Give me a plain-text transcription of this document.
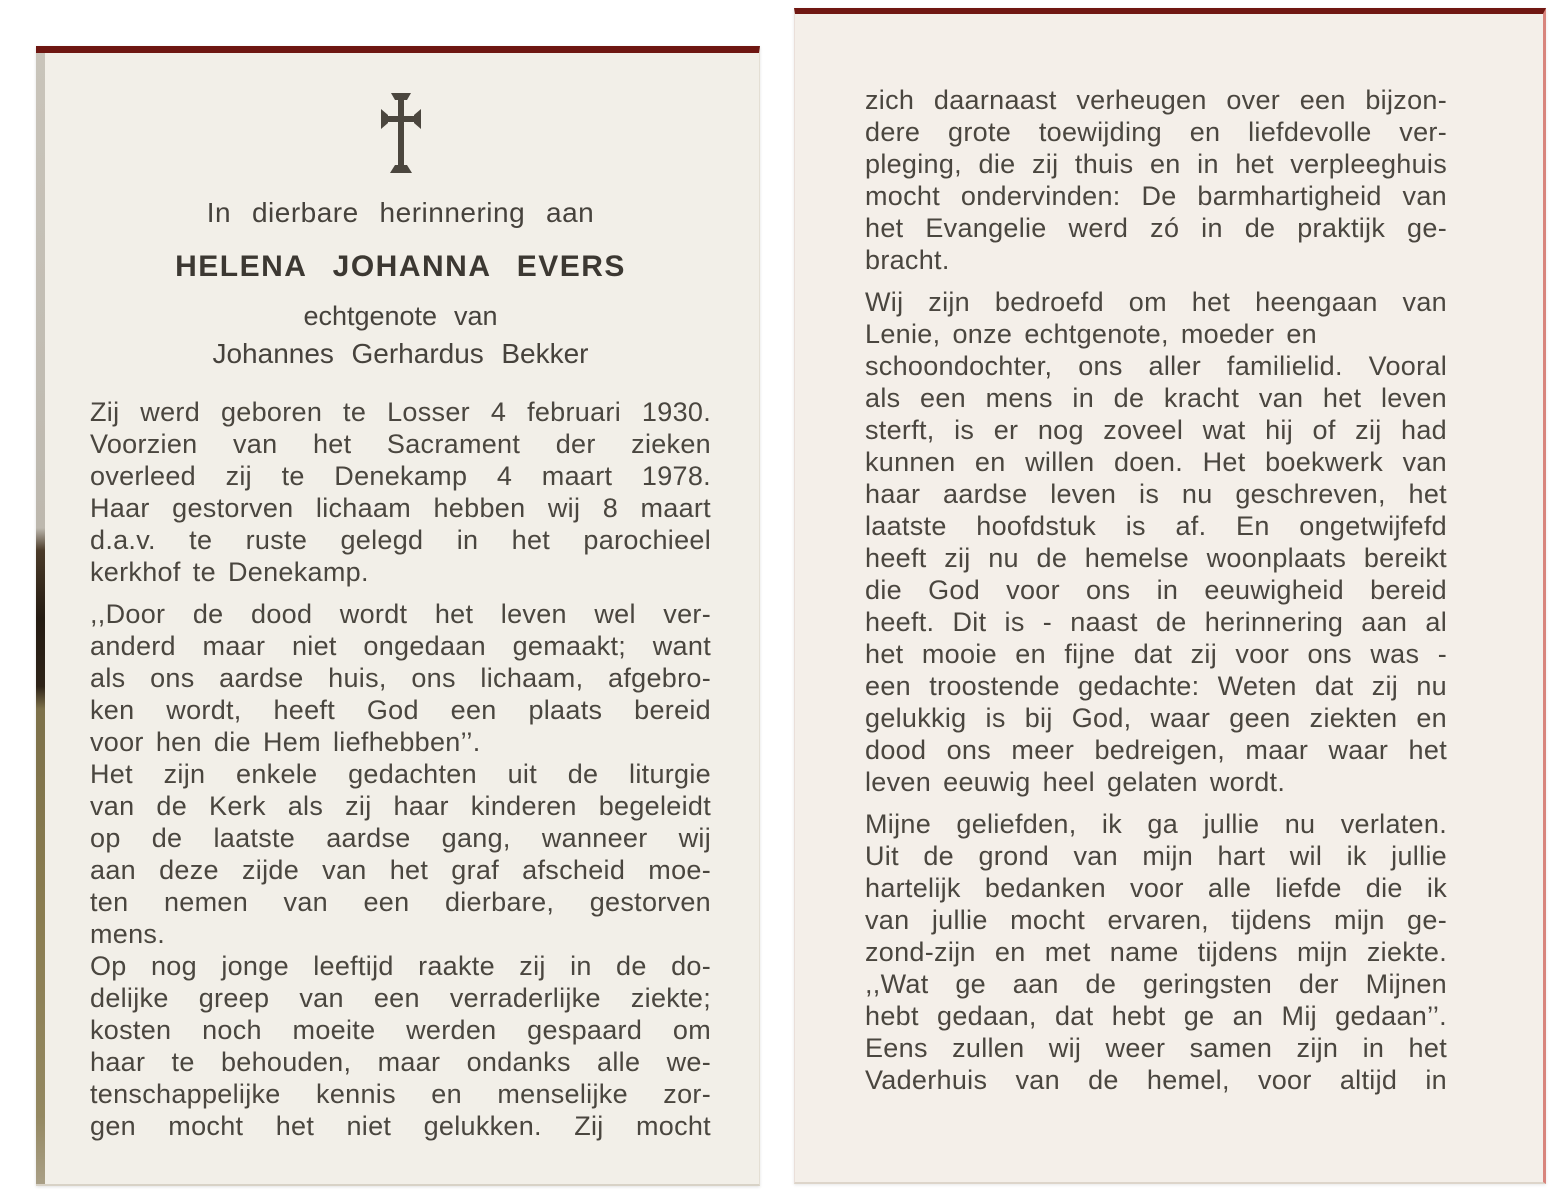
In dierbare herinnering aan
HELENA JOHANNA EVERS
echtgenote van
Johannes Gerhardus Bekker
Zij werd geboren te Losser 4 februari 1930.
Voorzien van het Sacrament der zieken
overleed zij te Denekamp 4 maart 1978.
Haar gestorven lichaam hebben wij 8 maart
d.a.v. te ruste gelegd in het parochieel
kerkhof te Denekamp.
,,Door de dood wordt het leven wel ver-
anderd maar niet ongedaan gemaakt; want
als ons aardse huis, ons lichaam, afgebro-
ken wordt, heeft God een plaats bereid
voor hen die Hem liefhebben’’.
Het zijn enkele gedachten uit de liturgie
van de Kerk als zij haar kinderen begeleidt
op de laatste aardse gang, wanneer wij
aan deze zijde van het graf afscheid moe-
ten nemen van een dierbare, gestorven
mens.
Op nog jonge leeftijd raakte zij in de do-
delijke greep van een verraderlijke ziekte;
kosten noch moeite werden gespaard om
haar te behouden, maar ondanks alle we-
tenschappelijke kennis en menselijke zor-
gen mocht het niet gelukken. Zij mocht
zich daarnaast verheugen over een bijzon-
dere grote toewijding en liefdevolle ver-
pleging, die zij thuis en in het verpleeghuis
mocht ondervinden: De barmhartigheid van
het Evangelie werd zó in de praktijk ge-
bracht.
Wij zijn bedroefd om het heengaan van
Lenie, onze echtgenote, moeder en
schoondochter, ons aller familielid. Vooral
als een mens in de kracht van het leven
sterft, is er nog zoveel wat hij of zij had
kunnen en willen doen. Het boekwerk van
haar aardse leven is nu geschreven, het
laatste hoofdstuk is af. En ongetwijfefd
heeft zij nu de hemelse woonplaats bereikt
die God voor ons in eeuwigheid bereid
heeft. Dit is - naast de herinnering aan al
het mooie en fijne dat zij voor ons was -
een troostende gedachte: Weten dat zij nu
gelukkig is bij God, waar geen ziekten en
dood ons meer bedreigen, maar waar het
leven eeuwig heel gelaten wordt.
Mijne geliefden, ik ga jullie nu verlaten.
Uit de grond van mijn hart wil ik jullie
hartelijk bedanken voor alle liefde die ik
van jullie mocht ervaren, tijdens mijn ge-
zond-zijn en met name tijdens mijn ziekte.
,,Wat ge aan de geringsten der Mijnen
hebt gedaan, dat hebt ge an Mij gedaan’’.
Eens zullen wij weer samen zijn in het
Vaderhuis van de hemel, voor altijd in
